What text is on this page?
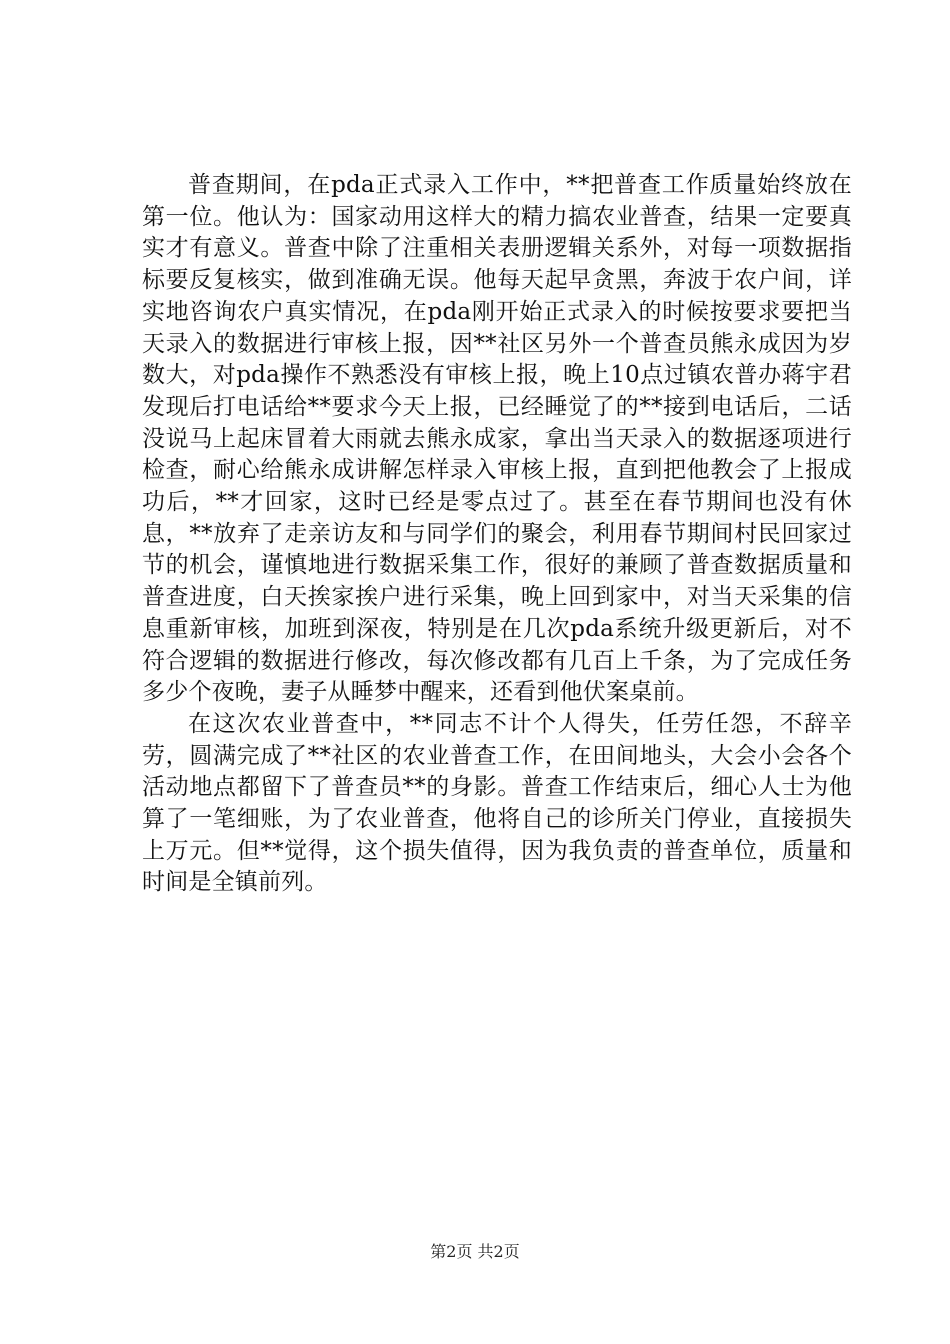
普查期间，在pda正式录入工作中，**把普查工作质量始终放在第一位。他认为：国家动用这样大的精力搞农业普查，结果一定要真实才有意义。普查中除了注重相关表册逻辑关系外，对每一项数据指标要反复核实，做到准确无误。他每天起早贪黑，奔波于农户间，详实地咨询农户真实情况，在pda刚开始正式录入的时候按要求要把当天录入的数据进行审核上报，因**社区另外一个普查员熊永成因为岁数大，对pda操作不熟悉没有审核上报，晚上10点过镇农普办蒋宇君发现后打电话给**要求今天上报，已经睡觉了的**接到电话后，二话没说马上起床冒着大雨就去熊永成家，拿出当天录入的数据逐项进行检查，耐心给熊永成讲解怎样录入审核上报，直到把他教会了上报成功后，**才回家，这时已经是零点过了。甚至在春节期间也没有休息，**放弃了走亲访友和与同学们的聚会，利用春节期间村民回家过节的机会，谨慎地进行数据采集工作，很好的兼顾了普查数据质量和普查进度，白天挨家挨户进行采集，晚上回到家中，对当天采集的信息重新审核，加班到深夜，特别是在几次pda系统升级更新后，对不符合逻辑的数据进行修改，每次修改都有几百上千条，为了完成任务多少个夜晚，妻子从睡梦中醒来，还看到他伏案桌前。

在这次农业普查中，**同志不计个人得失，任劳任怨，不辞辛劳，圆满完成了**社区的农业普查工作，在田间地头，大会小会各个活动地点都留下了普查员**的身影。普查工作结束后，细心人士为他算了一笔细账，为了农业普查，他将自己的诊所关门停业，直接损失上万元。但**觉得，这个损失值得，因为我负责的普查单位，质量和时间是全镇前列。

第2页 共2页
